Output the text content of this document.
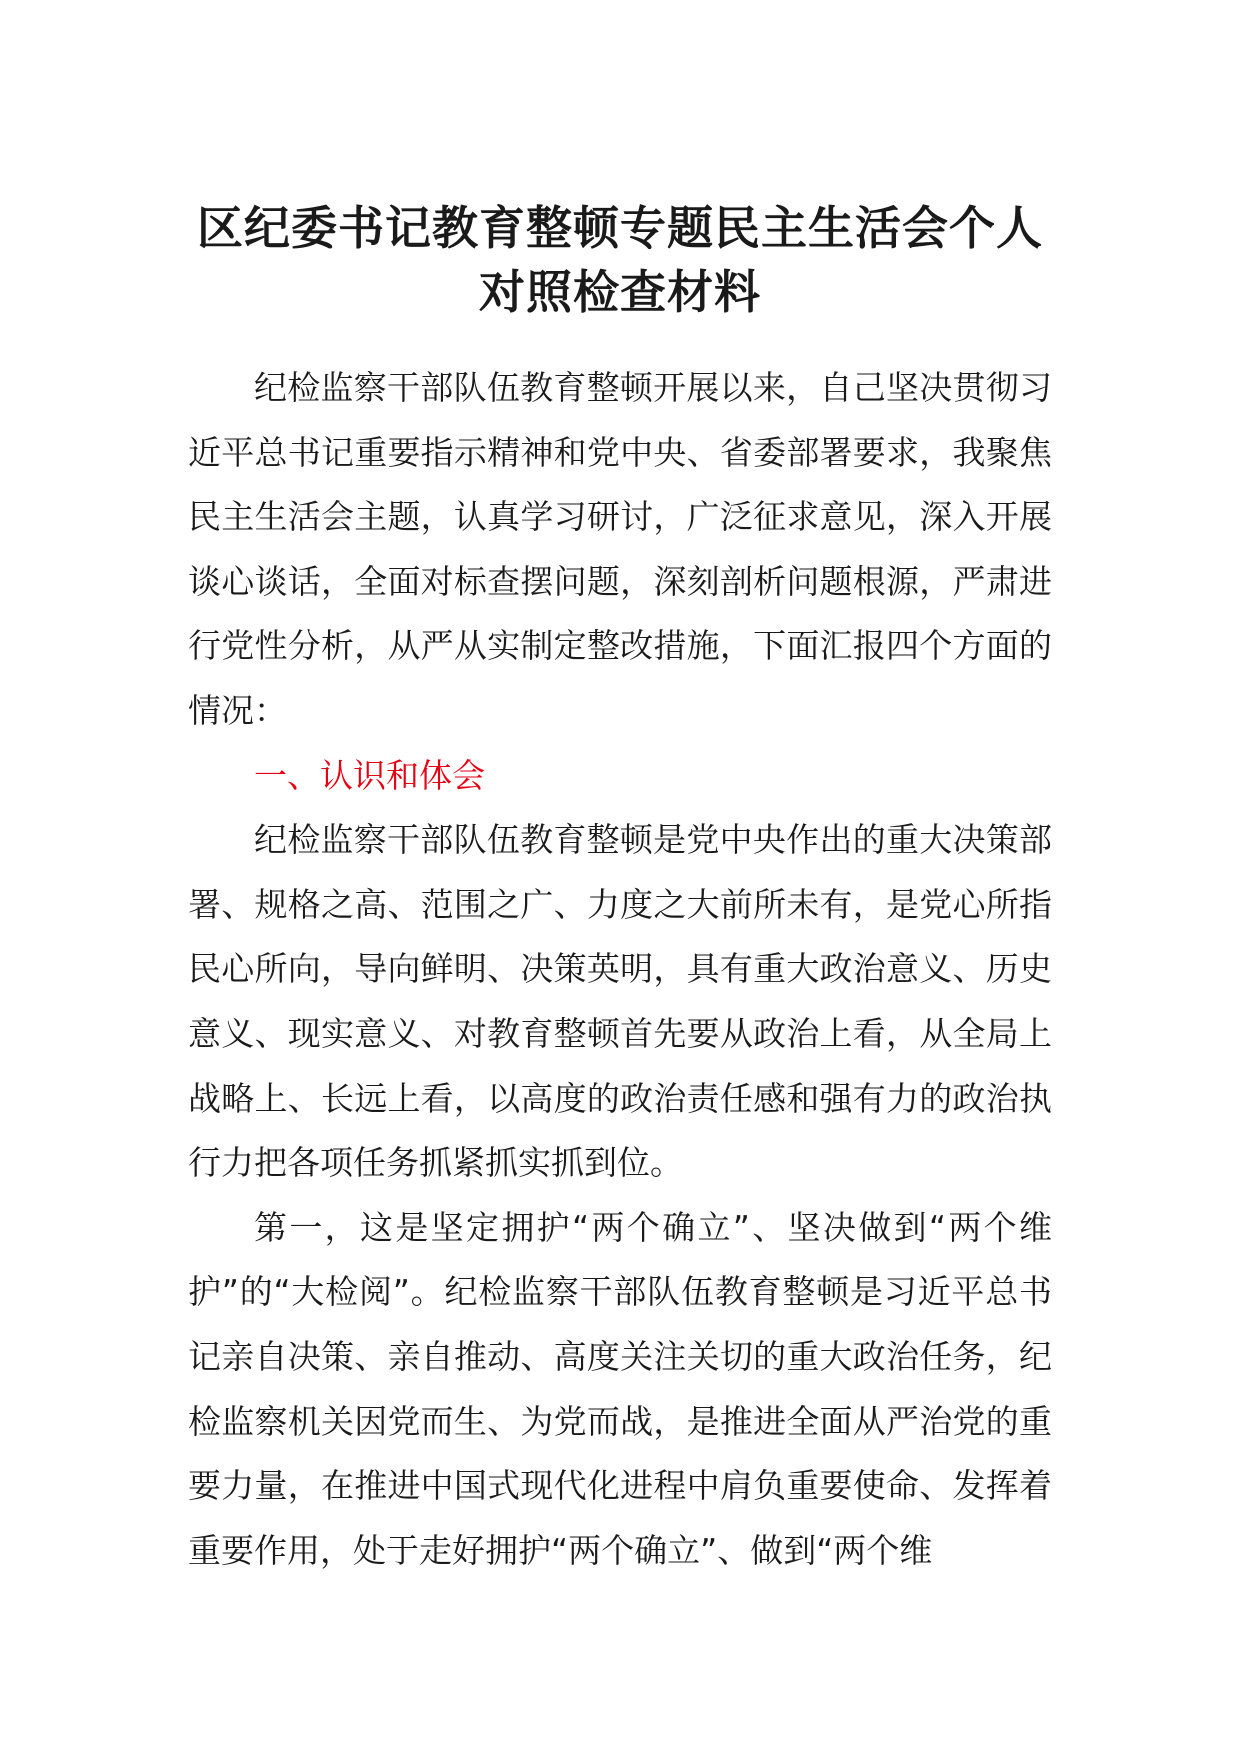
区纪委书记教育整顿专题民主生活会个人对照检查材料

纪检监察干部队伍教育整顿开展以来，自己坚决贯彻习近平总书记重要指示精神和党中央、省委部署要求，我聚焦民主生活会主题，认真学习研讨，广泛征求意见，深入开展谈心谈话，全面对标查摆问题，深刻剖析问题根源，严肃进行党性分析，从严从实制定整改措施，下面汇报四个方面的情况：

一、认识和体会

纪检监察干部队伍教育整顿是党中央作出的重大决策部署、规格之高、范围之广、力度之大前所未有，是党心所指民心所向，导向鲜明、决策英明，具有重大政治意义、历史意义、现实意义、对教育整顿首先要从政治上看，从全局上战略上、长远上看，以高度的政治责任感和强有力的政治执行力把各项任务抓紧抓实抓到位。

第一，这是坚定拥护“两个确立”、坚决做到“两个维护”的“大检阅”。纪检监察干部队伍教育整顿是习近平总书记亲自决策、亲自推动、高度关注关切的重大政治任务，纪检监察机关因党而生、为党而战，是推进全面从严治党的重要力量，在推进中国式现代化进程中肩负重要使命、发挥着重要作用，处于走好拥护“两个确立”、做到“两个维
